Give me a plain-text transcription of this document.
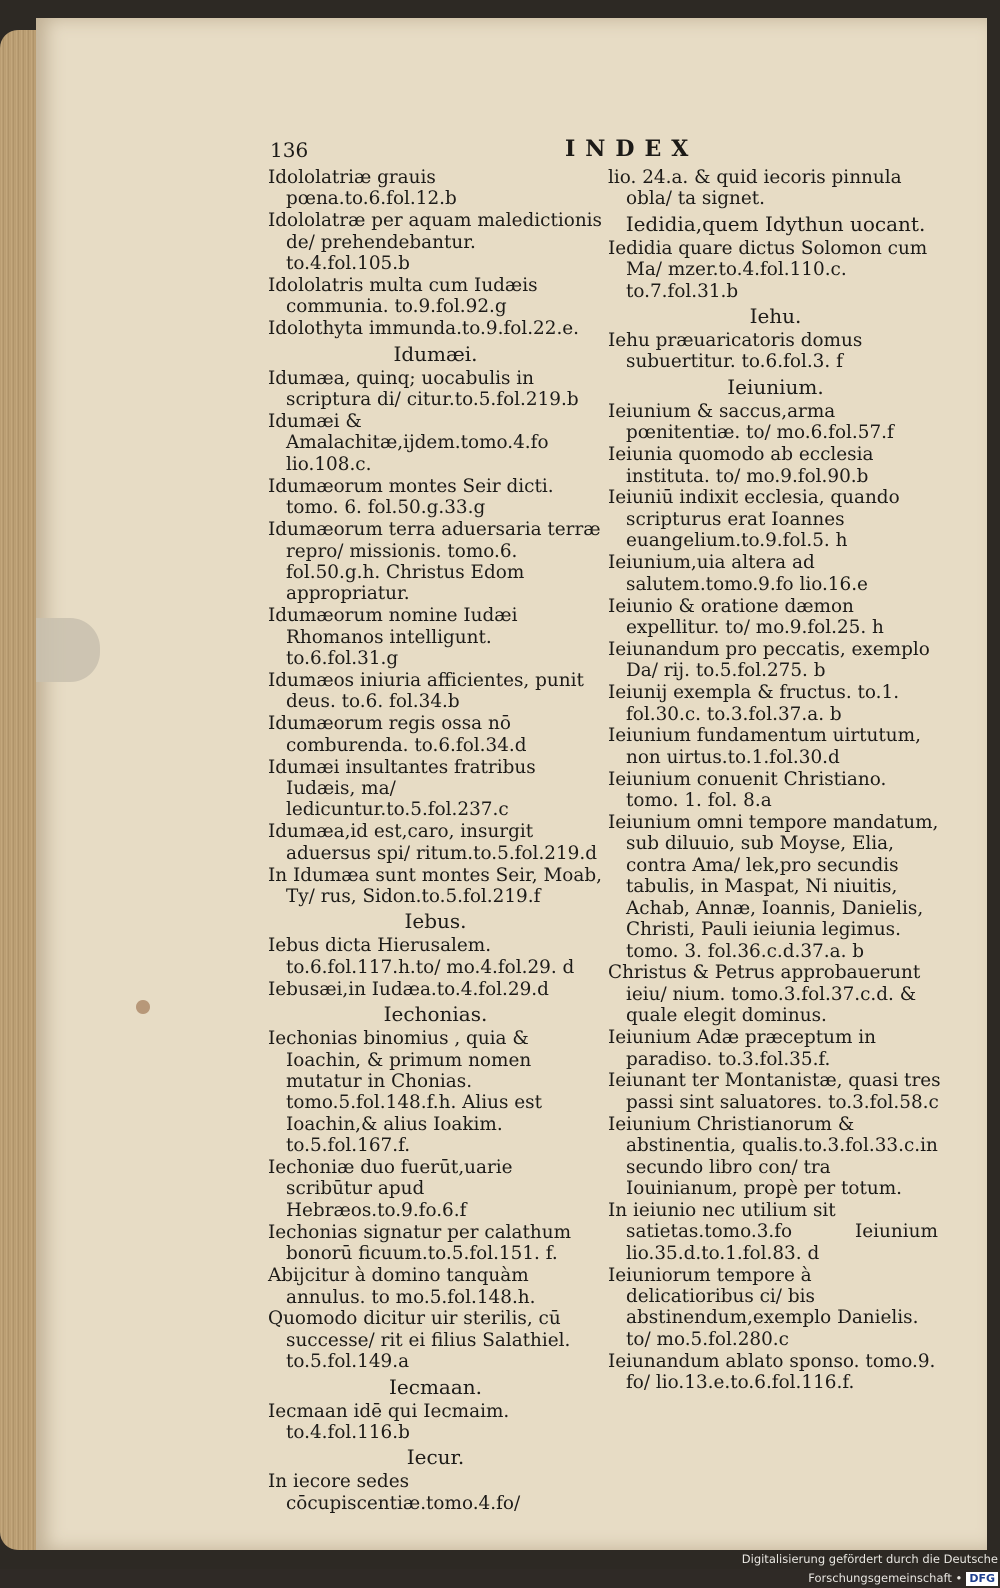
136	INDEX
Idololatriæ grauis pœna.to.6.fol.12.b
Idololatræ per aquam maledictionis de/ prehendebantur. to.4.fol.105.b
Idololatris multa cum Iudæis communia. to.9.fol.92.g
Idolothyta immunda.to.9.fol.22.e.
Idumæi.
Idumæa, quinq; uocabulis in scriptura di/ citur.to.5.fol.219.b
Idumæi & Amalachitæ,ijdem.tomo.4.fo lio.108.c.
Idumæorum montes Seir dicti. tomo. 6. fol.50.g.33.g
Idumæorum terra aduersaria terræ repro/ missionis. tomo.6. fol.50.g.h. Christus Edom appropriatur.
Idumæorum nomine Iudæi Rhomanos intelligunt. to.6.fol.31.g
Idumæos iniuria afficientes, punit deus. to.6. fol.34.b
Idumæorum regis ossa nō comburenda. to.6.fol.34.d
Idumæi insultantes fratribus Iudæis, ma/ ledicuntur.to.5.fol.237.c
Idumæa,id est,caro, insurgit aduersus spi/ ritum.to.5.fol.219.d
In Idumæa sunt montes Seir, Moab, Ty/ rus, Sidon.to.5.fol.219.f
Iebus.
Iebus dicta Hierusalem. to.6.fol.117.h.to/ mo.4.fol.29. d
Iebusæi,in Iudæa.to.4.fol.29.d
Iechonias.
Iechonias binomius , quia & Ioachin, & primum nomen mutatur in Chonias. tomo.5.fol.148.f.h. Alius est Ioachin,& alius Ioakim. to.5.fol.167.f.
Iechoniæ duo fuerūt,uarie scribūtur apud Hebræos.to.9.fo.6.f
Iechonias signatur per calathum bonorū ficuum.to.5.fol.151. f.
Abijcitur à domino tanquàm annulus. to mo.5.fol.148.h.
Quomodo dicitur uir sterilis, cū successe/ rit ei filius Salathiel. to.5.fol.149.a
Iecmaan.
Iecmaan idē qui Iecmaim. to.4.fol.116.b
Iecur.
In iecore sedes cōcupiscentiæ.tomo.4.fo/
lio. 24.a. & quid iecoris pinnula obla/ ta signet.
Iedidia,quem Idythun uocant.
Iedidia quare dictus Solomon cum Ma/ mzer.to.4.fol.110.c. to.7.fol.31.b
Iehu.
Iehu præuaricatoris domus subuertitur. to.6.fol.3. f
Ieiunium.
Ieiunium & saccus,arma pœnitentiæ. to/ mo.6.fol.57.f
Ieiunia quomodo ab ecclesia instituta. to/ mo.9.fol.90.b
Ieiuniū indixit ecclesia, quando scripturus erat Ioannes euangelium.to.9.fol.5. h
Ieiunium,uia altera ad salutem.tomo.9.fo lio.16.e
Ieiunio & oratione dæmon expellitur. to/ mo.9.fol.25. h
Ieiunandum pro peccatis, exemplo Da/ rij. to.5.fol.275. b
Ieiunij exempla & fructus. to.1. fol.30.c. to.3.fol.37.a. b
Ieiunium fundamentum uirtutum, non uirtus.to.1.fol.30.d
Ieiunium conuenit Christiano. tomo. 1. fol. 8.a
Ieiunium omni tempore mandatum, sub diluuio, sub Moyse, Elia, contra Ama/ lek,pro secundis tabulis, in Maspat, Ni niuitis, Achab, Annæ, Ioannis, Danielis, Christi, Pauli ieiunia legimus. tomo. 3. fol.36.c.d.37.a. b
Christus & Petrus approbauerunt ieiu/ nium. tomo.3.fol.37.c.d. & quale elegit dominus.
Ieiunium Adæ præceptum in paradiso. to.3.fol.35.f.
Ieiunant ter Montanistæ, quasi tres passi sint saluatores. to.3.fol.58.c
Ieiunium Christianorum & abstinentia, qualis.to.3.fol.33.c.in secundo libro con/ tra Iouinianum, propè per totum.
In ieiunio nec utilium sit satietas.tomo.3.fo lio.35.d.to.1.fol.83. d
Ieiuniorum tempore à delicatioribus ci/ bis abstinendum,exemplo Danielis. to/ mo.5.fol.280.c
Ieiunandum ablato sponso. tomo.9. fo/ lio.13.e.to.6.fol.116.f.
Ieiunium
Digitalisierung gefördert durch die Deutsche Forschungsgemeinschaft • DFG
